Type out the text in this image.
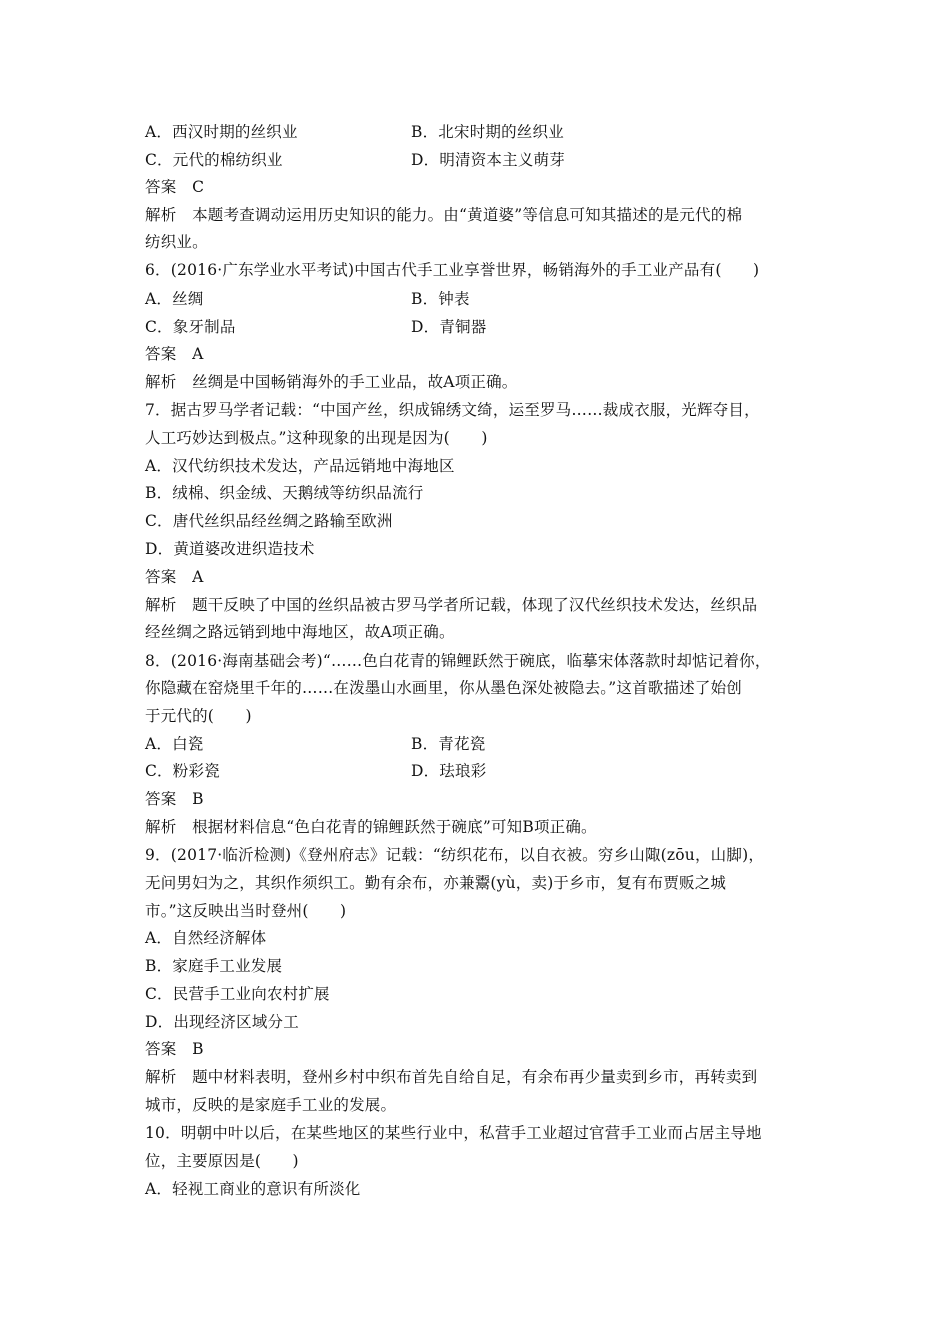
A．西汉时期的丝织业	B．北宋时期的丝织业
C．元代的棉纺织业	D．明清资本主义萌芽
答案　C
解析　本题考查调动运用历史知识的能力。由“黄道婆”等信息可知其描述的是元代的棉
纺织业。
6．(2016·广东学业水平考试)中国古代手工业享誉世界，畅销海外的手工业产品有(　　)
A．丝绸	B．钟表
C．象牙制品	D．青铜器
答案　A
解析　丝绸是中国畅销海外的手工业品，故A项正确。
7．据古罗马学者记载：“中国产丝，织成锦绣文绮，运至罗马……裁成衣服，光辉夺目，
人工巧妙达到极点。”这种现象的出现是因为(　　)
A．汉代纺织技术发达，产品远销地中海地区
B．绒棉、织金绒、天鹅绒等纺织品流行
C．唐代丝织品经丝绸之路输至欧洲
D．黄道婆改进织造技术
答案　A
解析　题干反映了中国的丝织品被古罗马学者所记载，体现了汉代丝织技术发达，丝织品
经丝绸之路远销到地中海地区，故A项正确。
8．(2016·海南基础会考)“……色白花青的锦鲤跃然于碗底，临摹宋体落款时却惦记着你，
你隐藏在窑烧里千年的……在泼墨山水画里，你从墨色深处被隐去。”这首歌描述了始创
于元代的(　　)
A．白瓷	B．青花瓷
C．粉彩瓷	D．珐琅彩
答案　B
解析　根据材料信息“色白花青的锦鲤跃然于碗底”可知B项正确。
9．(2017·临沂检测)《登州府志》记载：“纺织花布，以自衣被。穷乡山陬(zōu，山脚)，
无问男妇为之，其织作须织工。勤有余布，亦兼鬻(yù，卖)于乡市，复有布贾贩之城
市。”这反映出当时登州(　　)
A．自然经济解体
B．家庭手工业发展
C．民营手工业向农村扩展
D．出现经济区域分工
答案　B
解析　题中材料表明，登州乡村中织布首先自给自足，有余布再少量卖到乡市，再转卖到
城市，反映的是家庭手工业的发展。
10．明朝中叶以后，在某些地区的某些行业中，私营手工业超过官营手工业而占居主导地
位，主要原因是(　　)
A．轻视工商业的意识有所淡化
